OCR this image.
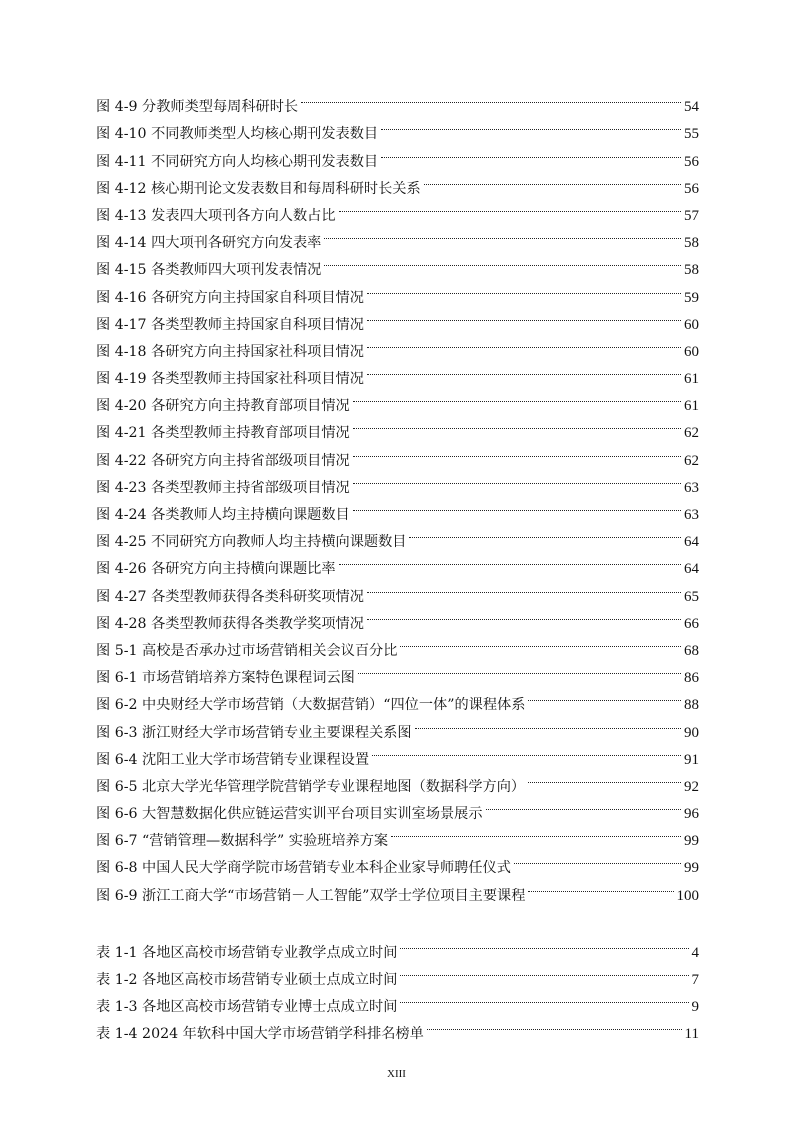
图 4-9 分教师类型每周科研时长	54
图 4-10 不同教师类型人均核心期刊发表数目	55
图 4-11 不同研究方向人均核心期刊发表数目	56
图 4-12 核心期刊论文发表数目和每周科研时长关系	56
图 4-13 发表四大项刊各方向人数占比	57
图 4-14 四大项刊各研究方向发表率	58
图 4-15 各类教师四大项刊发表情况	58
图 4-16 各研究方向主持国家自科项目情况	59
图 4-17 各类型教师主持国家自科项目情况	60
图 4-18 各研究方向主持国家社科项目情况	60
图 4-19 各类型教师主持国家社科项目情况	61
图 4-20 各研究方向主持教育部项目情况	61
图 4-21 各类型教师主持教育部项目情况	62
图 4-22 各研究方向主持省部级项目情况	62
图 4-23 各类型教师主持省部级项目情况	63
图 4-24 各类教师人均主持横向课题数目	63
图 4-25 不同研究方向教师人均主持横向课题数目	64
图 4-26 各研究方向主持横向课题比率	64
图 4-27 各类型教师获得各类科研奖项情况	65
图 4-28 各类型教师获得各类教学奖项情况	66
图 5-1 高校是否承办过市场营销相关会议百分比	68
图 6-1 市场营销培养方案特色课程词云图	86
图 6-2 中央财经大学市场营销（大数据营销）“四位一体”的课程体系	88
图 6-3 浙江财经大学市场营销专业主要课程关系图	90
图 6-4 沈阳工业大学市场营销专业课程设置	91
图 6-5 北京大学光华管理学院营销学专业课程地图（数据科学方向）	92
图 6-6 大智慧数据化供应链运营实训平台项目实训室场景展示	96
图 6-7 “营销管理—数据科学” 实验班培养方案	99
图 6-8 中国人民大学商学院市场营销专业本科企业家导师聘任仪式	99
图 6-9 浙江工商大学“市场营销－人工智能”双学士学位项目主要课程	100
表 1-1 各地区高校市场营销专业教学点成立时间	4
表 1-2 各地区高校市场营销专业硕士点成立时间	7
表 1-3 各地区高校市场营销专业博士点成立时间	9
表 1-4 2024 年软科中国大学市场营销学科排名榜单	11
XIII
